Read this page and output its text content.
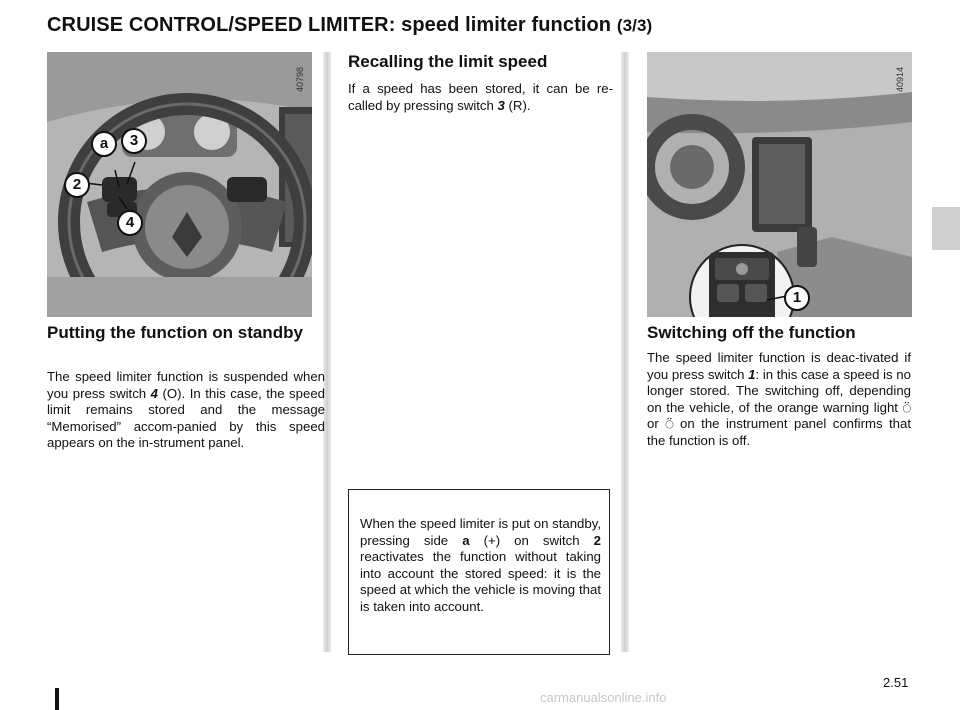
CRUISE CONTROL/SPEED LIMITER: speed limiter function (3/3)
40798
a	3
2
4
40914
1
Putting the function on standby

The speed limiter function is suspended when you press switch 4 (O). In this case, the speed limit remains stored and the message “Memorised” accom-panied by this speed appears on the in-strument panel.

Recalling the limit speed

If a speed has been stored, it can be re-called by pressing switch 3 (R).

When the speed limiter is put on standby, pressing side a (+) on switch 2 reactivates the function without taking into account the stored speed: it is the speed at which the vehicle is moving that is taken into account.

Switching off the function

The speed limiter function is deac-tivated if you press switch 1: in this case a speed is no longer stored. The switching off, depending on the vehicle, of the orange warning light ⍥ or ⍥ on the instrument panel confirms that the function is off.

2.51
carmanualsonline.info
